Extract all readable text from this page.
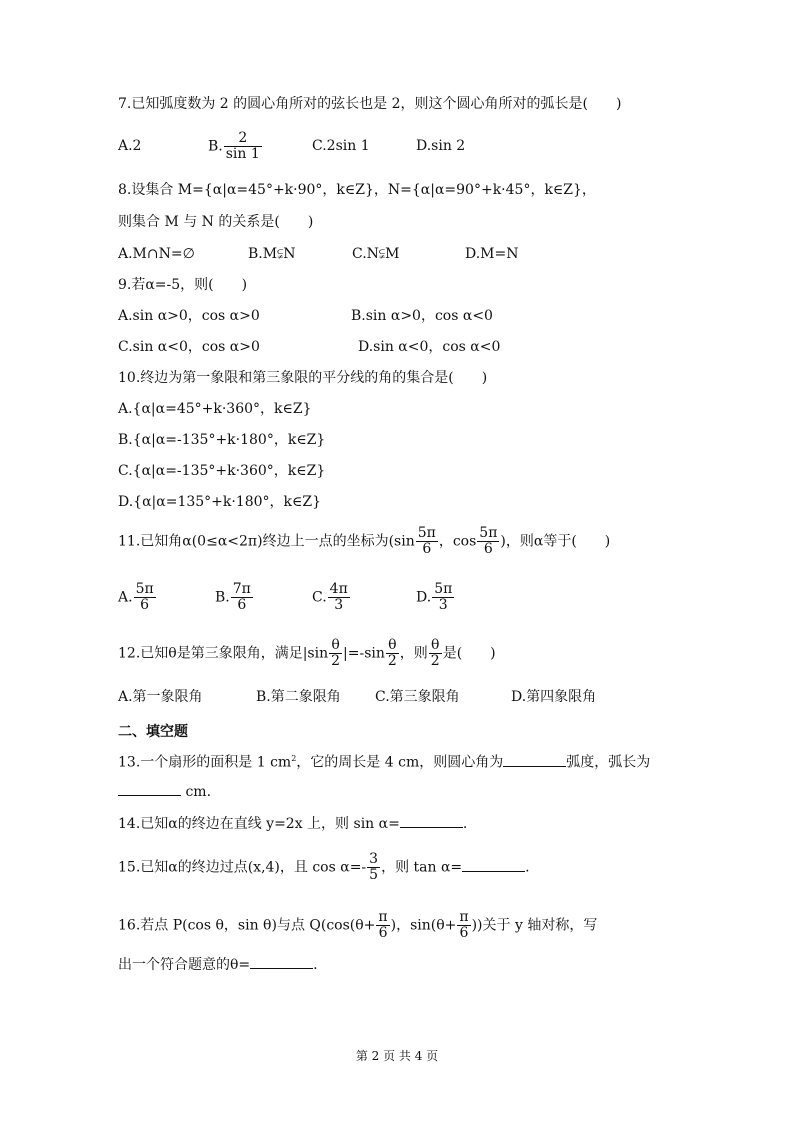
7.已知弧度数为 2 的圆心角所对的弦长也是 2，则这个圆心角所对的弧长是(　　)
A.2	B. $\frac{2}{\sin 1}$	C.2sin 1	D.sin 2
8.设集合 M={α|α=45°+k·90°，k∈Z}，N={α|α=90°+k·45°，k∈Z}，
则集合 M 与 N 的关系是(　　)
A.M∩N=∅	B.M⫋N	C.N⫋M	D.M=N
9.若α=-5，则(　　)
A.sin α>0，cos α>0	B.sin α>0，cos α<0
C.sin α<0，cos α>0	D.sin α<0，cos α<0
10.终边为第一象限和第三象限的平分线的角的集合是(　　)
A.{α|α=45°+k·360°，k∈Z}
B.{α|α=-135°+k·180°，k∈Z}
C.{α|α=-135°+k·360°，k∈Z}
D.{α|α=135°+k·180°，k∈Z}
11.已知角α(0≤α<2π)终边上一点的坐标为($\sin \frac{5\pi}{6}$ ，$\cos \frac{5\pi}{6}$ )，则α等于(　　)
A. $\frac{5\pi}{6}$	B. $\frac{7\pi}{6}$	C. $\frac{4\pi}{3}$	D. $\frac{5\pi}{3}$
12.已知θ是第三象限角，满足$|\sin \frac{\theta}{2} |=-\sin \frac{\theta}{2}$ ，则 $\frac{\theta}{2}$ 是(　　)
A.第一象限角	B.第二象限角 C.第三象限角	D.第四象限角
二、填空题
13.一个扇形的面积是 1 $cm^2$，它的周长是 4 cm，则圆心角为	弧度，弧长为
cm.
14.已知α的终边在直线 y=2x 上，则 sin α=	.
15.已知α的终边过点(x,4)，且 $\cos \alpha=- \frac{3}{5}$ ，则 tan α=	.
16.若点 P(cos θ，sin θ)与点 $Q(\cos(\theta+ \frac{\pi}{6}$ )，$\sin(\theta+ \frac{\pi}{6}$ ))关于 y 轴对称，写
出一个符合题意的θ=	.
第 2 页 共 4 页
